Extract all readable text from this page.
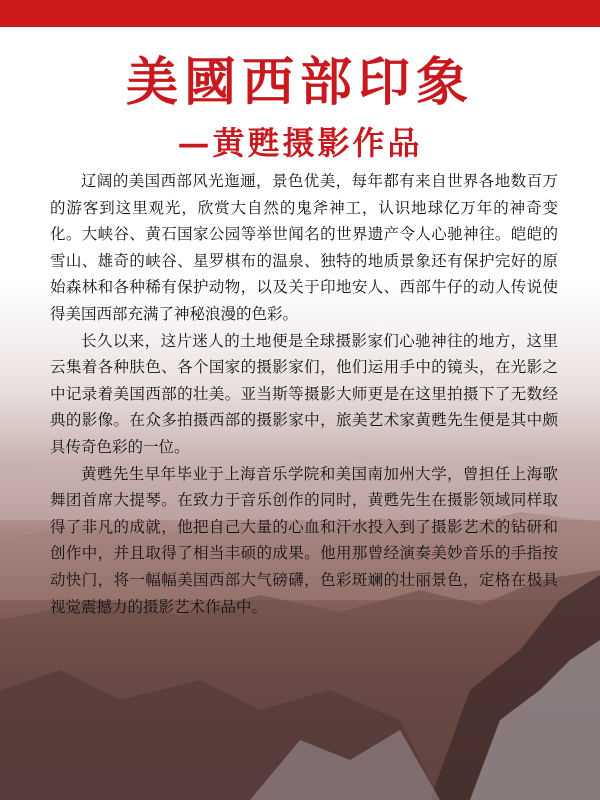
美國西部印象
—黄甦摄影作品

辽阔的美国西部风光迤逦，景色优美，每年都有来自世界各地数百万的游客到这里观光，欣赏大自然的鬼斧神工，认识地球亿万年的神奇变化。大峡谷、黄石国家公园等举世闻名的世界遗产令人心驰神往。皑皑的雪山、雄奇的峡谷、星罗棋布的温泉、独特的地质景象还有保护完好的原始森林和各种稀有保护动物，以及关于印地安人、西部牛仔的动人传说使得美国西部充满了神秘浪漫的色彩。

长久以来，这片迷人的土地便是全球摄影家们心驰神往的地方，这里云集着各种肤色、各个国家的摄影家们，他们运用手中的镜头，在光影之中记录着美国西部的壮美。亚当斯等摄影大师更是在这里拍摄下了无数经典的影像。在众多拍摄西部的摄影家中，旅美艺术家黄甦先生便是其中颇具传奇色彩的一位。

黄甦先生早年毕业于上海音乐学院和美国南加州大学，曾担任上海歌舞团首席大提琴。在致力于音乐创作的同时，黄甦先生在摄影领域同样取得了非凡的成就，他把自己大量的心血和汗水投入到了摄影艺术的钻研和创作中，并且取得了相当丰硕的成果。他用那曾经演奏美妙音乐的手指按动快门，将一幅幅美国西部大气磅礴，色彩斑斓的壮丽景色，定格在极具视觉震撼力的摄影艺术作品中。
